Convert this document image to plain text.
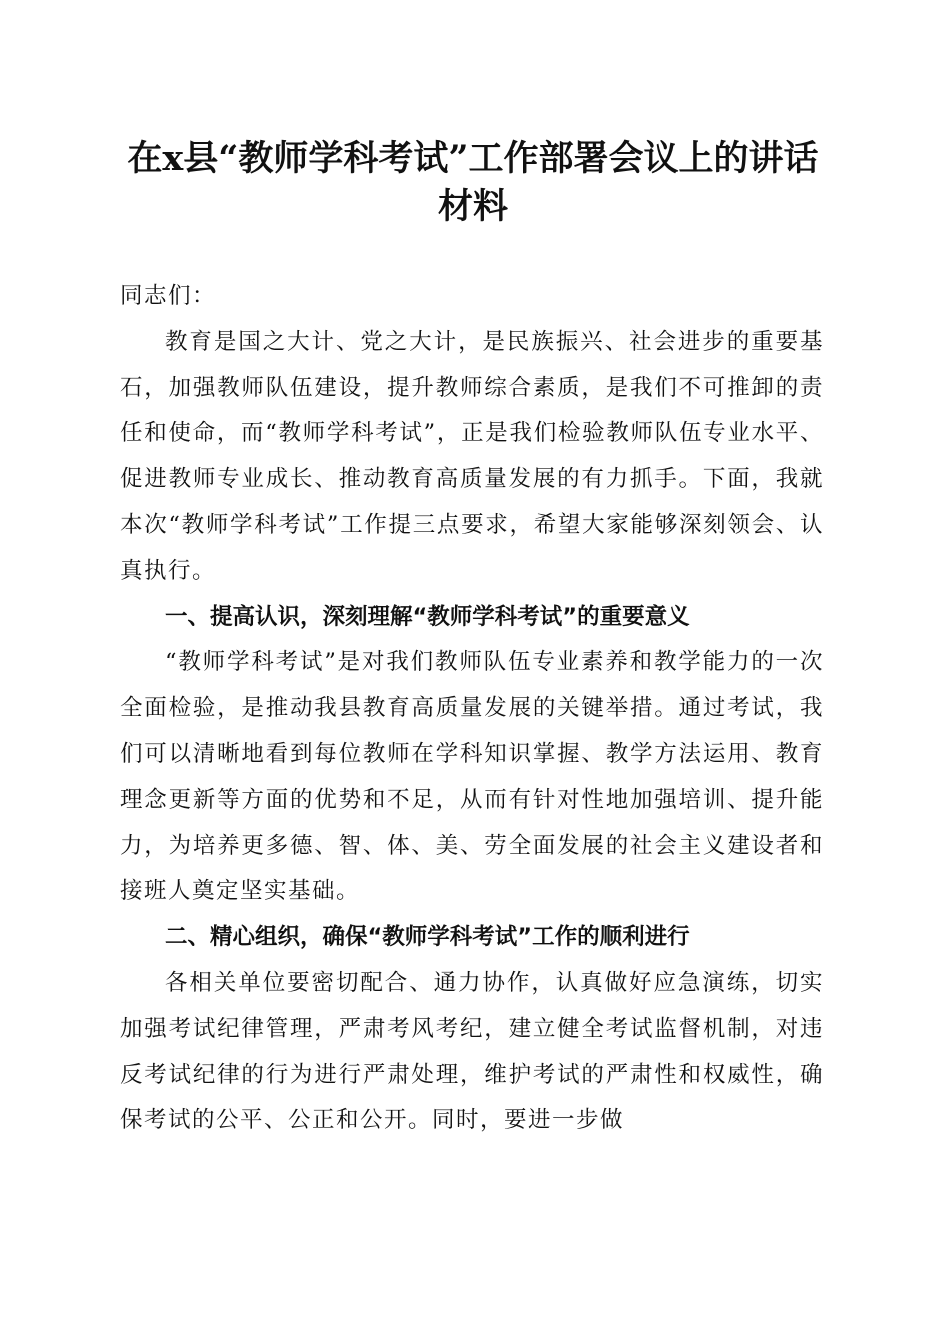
在x县“教师学科考试”工作部署会议上的讲话材料

同志们：

教育是国之大计、党之大计，是民族振兴、社会进步的重要基石，加强教师队伍建设，提升教师综合素质，是我们不可推卸的责任和使命，而“教师学科考试”，正是我们检验教师队伍专业水平、促进教师专业成长、推动教育高质量发展的有力抓手。下面，我就本次“教师学科考试”工作提三点要求，希望大家能够深刻领会、认真执行。

一、提高认识，深刻理解“教师学科考试”的重要意义

“教师学科考试”是对我们教师队伍专业素养和教学能力的一次全面检验，是推动我县教育高质量发展的关键举措。通过考试，我们可以清晰地看到每位教师在学科知识掌握、教学方法运用、教育理念更新等方面的优势和不足，从而有针对性地加强培训、提升能力，为培养更多德、智、体、美、劳全面发展的社会主义建设者和接班人奠定坚实基础。

二、精心组织，确保“教师学科考试”工作的顺利进行

各相关单位要密切配合、通力协作，认真做好应急演练，切实加强考试纪律管理，严肃考风考纪，建立健全考试监督机制，对违反考试纪律的行为进行严肃处理，维护考试的严肃性和权威性，确保考试的公平、公正和公开。同时，要进一步做
